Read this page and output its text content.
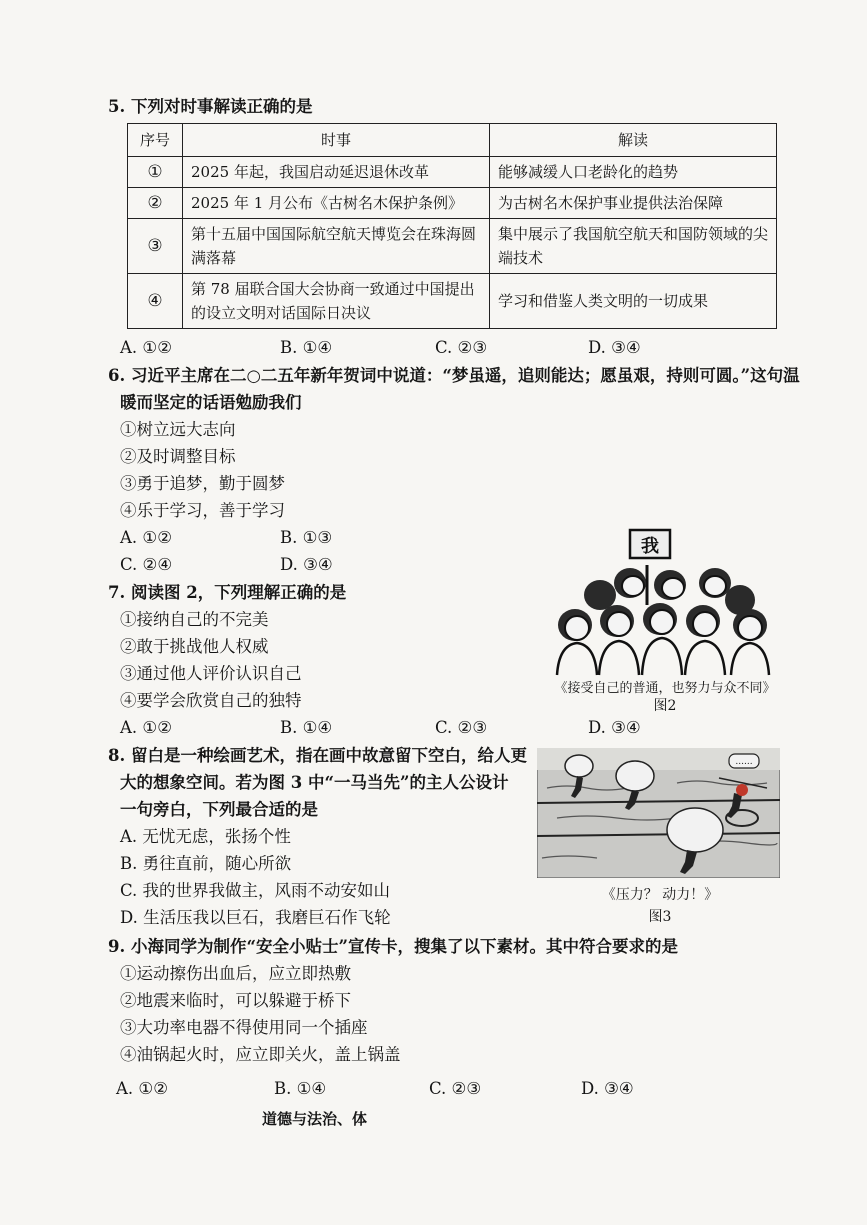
5. 下列对时事解读正确的是
序号	时事	解读
①	2025 年起，我国启动延迟退休改革	能够减缓人口老龄化的趋势
②	2025 年 1 月公布《古树名木保护条例》	为古树名木保护事业提供法治保障
③	第十五届中国国际航空航天博览会在珠海圆满落幕	集中展示了我国航空航天和国防领域的尖端技术
④	第 78 届联合国大会协商一致通过中国提出的设立文明对话国际日决议	学习和借鉴人类文明的一切成果
A. ①②	B. ①④	C. ②③	D. ③④
6. 习近平主席在二○二五年新年贺词中说道：“梦虽遥，追则能达；愿虽艰，持则可圆。”这句温
暖而坚定的话语勉励我们
①树立远大志向
②及时调整目标
③勇于追梦，勤于圆梦
④乐于学习，善于学习
A. ①②	B. ①③
C. ②④	D. ③④
7. 阅读图 2，下列理解正确的是
①接纳自己的不完美
②敢于挑战他人权威
③通过他人评价认识自己
④要学会欣赏自己的独特
A. ①②	B. ①④	C. ②③	D. ③④
我
《接受自己的普通，也努力与众不同》
图2
8. 留白是一种绘画艺术，指在画中故意留下空白，给人更
大的想象空间。若为图 3 中“一马当先”的主人公设计
一句旁白，下列最合适的是
A. 无忧无虑，张扬个性
B. 勇往直前，随心所欲
C. 我的世界我做主，风雨不动安如山
D. 生活压我以巨石，我磨巨石作飞轮
......
《压力？ 动力！》
图3
9. 小海同学为制作“安全小贴士”宣传卡，搜集了以下素材。其中符合要求的是
①运动擦伤出血后，应立即热敷
②地震来临时，可以躲避于桥下
③大功率电器不得使用同一个插座
④油锅起火时，应立即关火，盖上锅盖
A. ①②	B. ①④	C. ②③	D. ③④
道德与法治、体
